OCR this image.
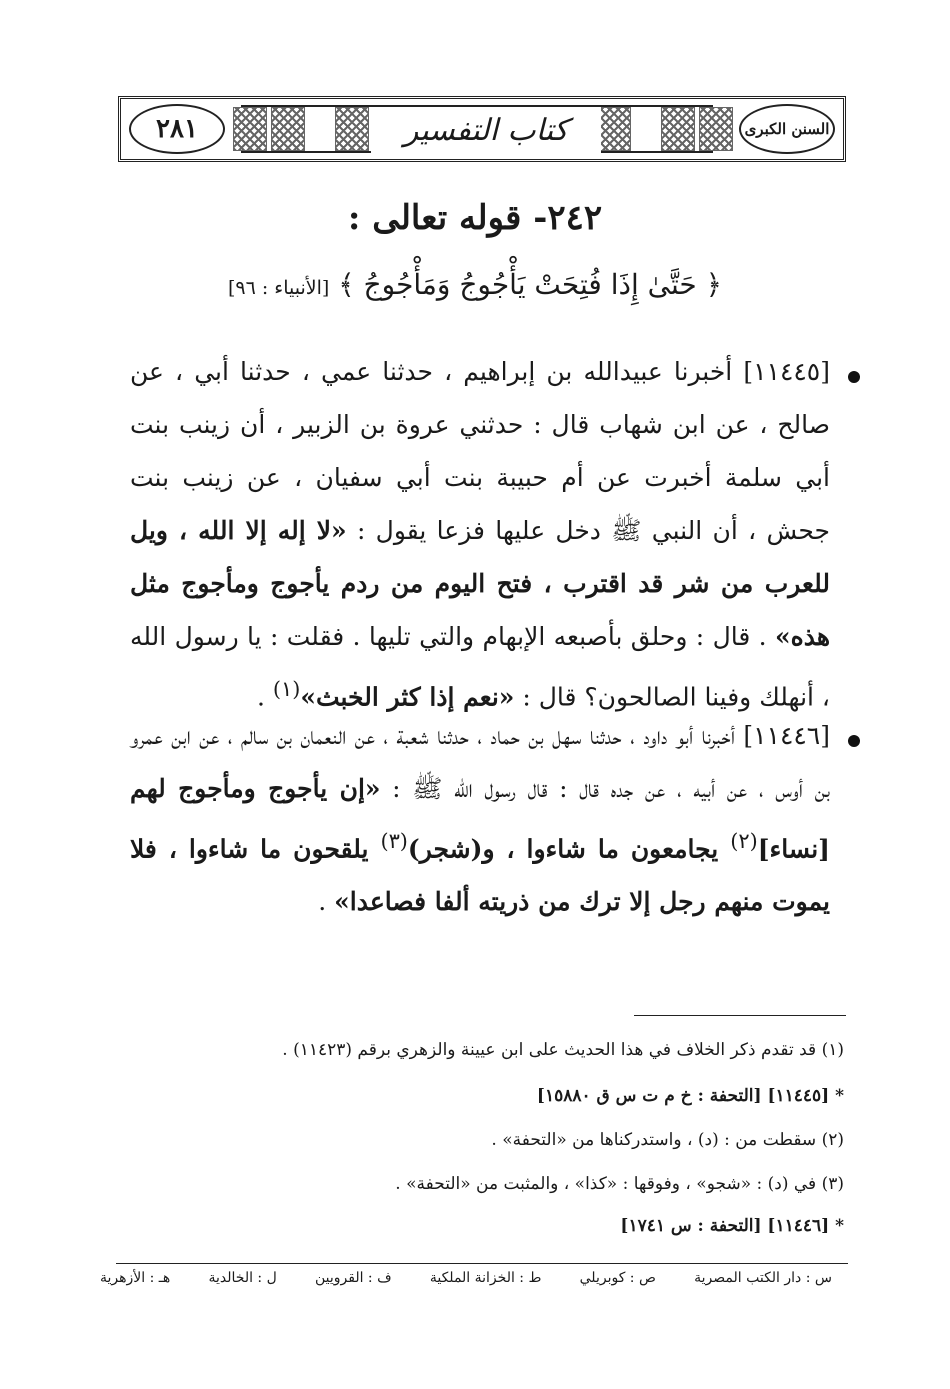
٢٨١	كتاب التفسير	السنن الكبرى
٢٤٢- قوله تعالى :
﴿ حَتَّىٰ إِذَا فُتِحَتْ يَأْجُوجُ وَمَأْجُوجُ ﴾ [الأنبياء : ٩٦]
[١١٤٤٥] أخبرنا عبيدالله بن إبراهيم ، حدثنا عمي ، حدثنا أبي ، عن صالح ، عن ابن شهاب قال : حدثني عروة بن الزبير ، أن زينب بنت أبي سلمة أخبرت عن أم حبيبة بنت أبي سفيان ، عن زينب بنت جحش ، أن النبي ﷺ دخل عليها فزعا يقول : «لا إله إلا الله ، ويل للعرب من شر قد اقترب ، فتح اليوم من ردم يأجوج ومأجوج مثل هذه» . قال : وحلق بأصبعه الإبهام والتي تليها . فقلت : يا رسول الله ، أنهلك وفينا الصالحون؟ قال : «نعم إذا كثر الخبث»$^{(١)}$ .
[١١٤٤٦] أخبرنا أبو داود ، حدثنا سهل بن حماد ، حدثنا شعبة ، عن النعمان بن سالم ، عن ابن عمرو بن أوس ، عن أبيه ، عن جده قال : قال رسول الله ﷺ : «إن يأجوج ومأجوج لهم [نساء]$^{(٢)}$ يجامعون ما شاءوا ، و(شجر)$^{(٣)}$ يلقحون ما شاءوا ، فلا يموت منهم رجل إلا ترك من ذريته ألفا فصاعدا» .
(١) قد تقدم ذكر الخلاف في هذا الحديث على ابن عيينة والزهري برقم (١١٤٢٣) .
* [١١٤٤٥] [التحفة : خ م ت س ق ١٥٨٨٠]
(٢) سقطت من : (د) ، واستدركناها من «التحفة» .
(٣) في (د) : «شجو» ، وفوقها : «كذا» ، والمثبت من «التحفة» .
* [١١٤٤٦] [التحفة : س ١٧٤١]
س : دار الكتب المصرية
ص : كوبريلي
ط : الخزانة الملكية
ف : القرويين
ل : الخالدية
هـ : الأزهرية
